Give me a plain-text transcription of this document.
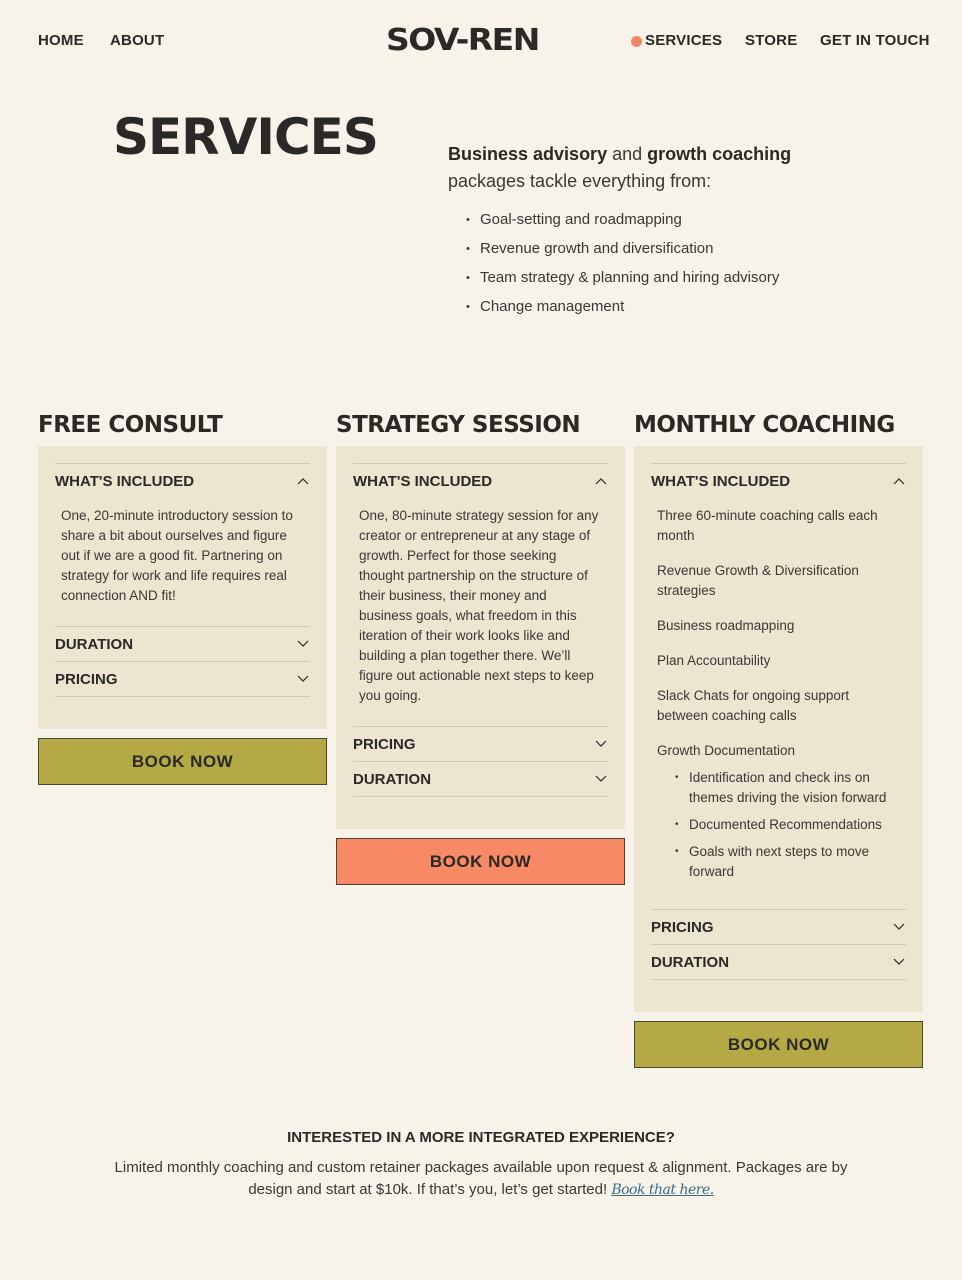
HOME ABOUT	SOV-REN	SERVICES STORE GET IN TOUCH
SERVICES	Business advisory and growth coaching packages tackle everything from:

• Goal-setting and roadmapping
• Revenue growth and diversification
• Team strategy & planning and hiring advisory
• Change management
FREE CONSULT
WHAT'S INCLUDED
One, 20-minute introductory session to share a bit about ourselves and figure out if we are a good fit. Partnering on strategy for work and life requires real connection AND fit!
DURATION
PRICING
BOOK NOW
STRATEGY SESSION
WHAT'S INCLUDED
One, 80-minute strategy session for any creator or entrepreneur at any stage of growth. Perfect for those seeking thought partnership on the structure of their business, their money and business goals, what freedom in this iteration of their work looks like and building a plan together there. We’ll figure out actionable next steps to keep you going.
PRICING
DURATION
BOOK NOW
MONTHLY COACHING
WHAT'S INCLUDED

Three 60-minute coaching calls each month

Revenue Growth & Diversification strategies

Business roadmapping

Plan Accountability

Slack Chats for ongoing support between coaching calls

Growth Documentation

• Identification and check ins on themes driving the vision forward
• Documented Recommendations
• Goals with next steps to move forward
PRICING
DURATION
BOOK NOW
INTERESTED IN A MORE INTEGRATED EXPERIENCE?

Limited monthly coaching and custom retainer packages available upon request & alignment. Packages are by design and start at $10k. If that’s you, let’s get started! Book that here.
